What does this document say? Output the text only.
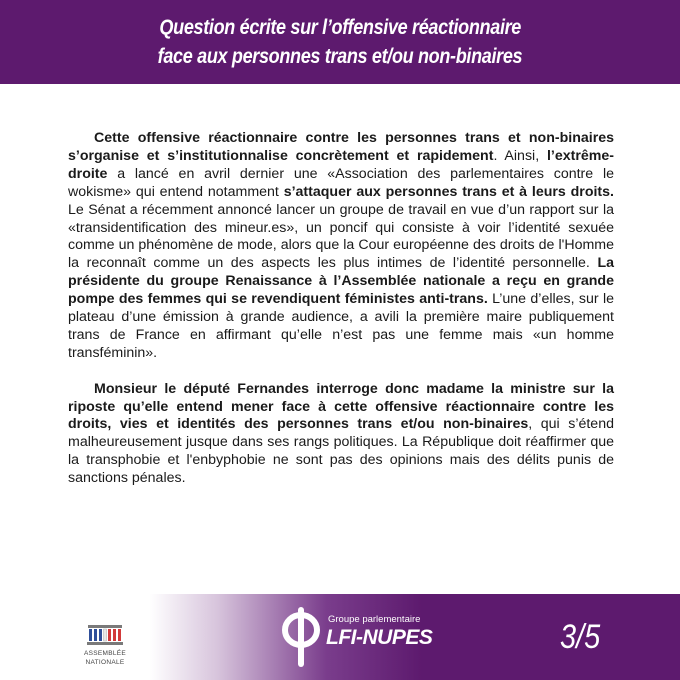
Question écrite sur l’offensive réactionnaire
face aux personnes trans et/ou non-binaires

Cette offensive réactionnaire contre les personnes trans et non-binaires s’organise et s’institutionnalise concrètement et rapidement. Ainsi, l’extrême-droite a lancé en avril dernier une «Association des parlementaires contre le wokisme» qui entend notamment s’attaquer aux personnes trans et à leurs droits. Le Sénat a récemment annoncé lancer un groupe de travail en vue d’un rapport sur la «transidentification des mineur.es», un poncif qui consiste à voir l’identité sexuée comme un phénomène de mode, alors que la Cour européenne des droits de l'Homme la reconnaît comme un des aspects les plus intimes de l’identité personnelle. La présidente du groupe Renaissance à l’Assemblée nationale a reçu en grande pompe des femmes qui se revendiquent féministes anti-trans. L’une d’elles, sur le plateau d’une émission à grande audience, a avili la première maire publiquement trans de France en affirmant qu’elle n’est pas une femme mais «un homme transféminin».

Monsieur le député Fernandes interroge donc madame la ministre sur la riposte qu’elle entend mener face à cette offensive réactionnaire contre les droits, vies et identités des personnes trans et/ou non-binaires, qui s’étend malheureusement jusque dans ses rangs politiques. La République doit réaffirmer que la transphobie et l'enbyphobie ne sont pas des opinions mais des délits punis de sanctions pénales.

ASSEMBLÉE
NATIONALE
Groupe parlementaire
LFI-NUPES	3/5
